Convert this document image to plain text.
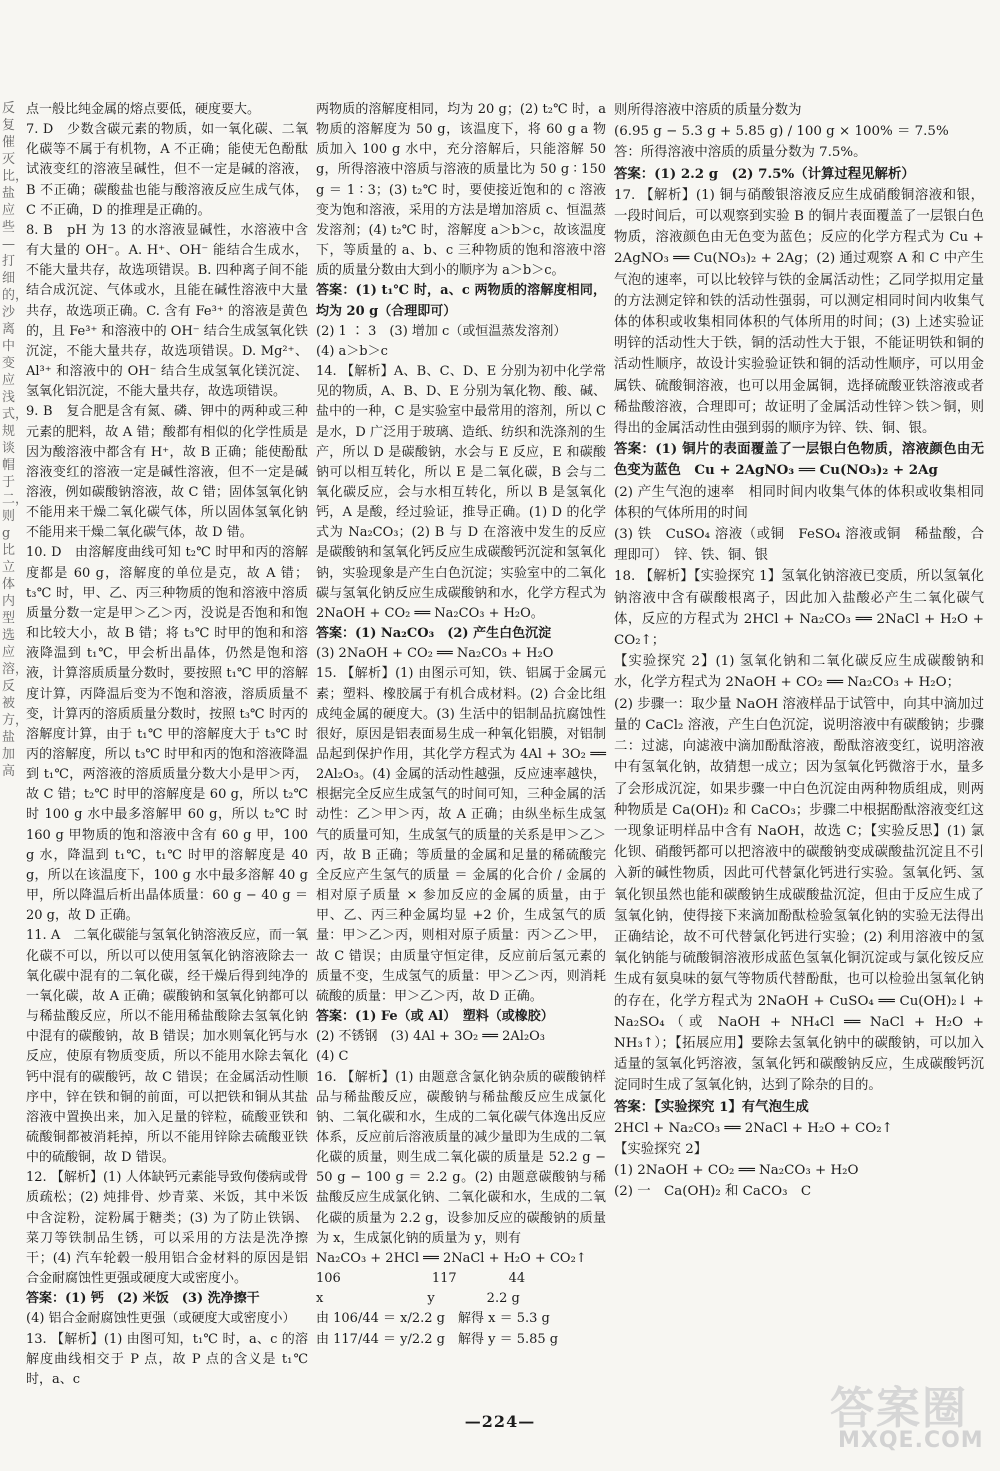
反复催灭比，盐应些 — 打细的，沙离中变应浅式，规谈帽于二，则 g比立体内 型选 应溶，反被方，盐加高

点一般比纯金属的熔点要低，硬度要大。

7. D　少数含碳元素的物质，如一氧化碳、二氧化碳等不属于有机物，A 不正确；能使无色酚酞试液变红的溶液呈碱性，但不一定是碱的溶液，B 不正确；碳酸盐也能与酸溶液反应生成气体，C 不正确，D 的推理是正确的。

8. B　pH 为 13 的水溶液显碱性，水溶液中含有大量的 OH⁻。A. H⁺、OH⁻ 能结合生成水，不能大量共存，故选项错误。B. 四种离子间不能结合成沉淀、气体或水，且能在碱性溶液中大量共存，故选项正确。C. 含有 Fe³⁺ 的溶液是黄色的，且 Fe³⁺ 和溶液中的 OH⁻ 结合生成氢氧化铁沉淀，不能大量共存，故选项错误。D. Mg²⁺、Al³⁺ 和溶液中的 OH⁻ 结合生成氢氧化镁沉淀、氢氧化铝沉淀，不能大量共存，故选项错误。

9. B　复合肥是含有氮、磷、钾中的两种或三种元素的肥料，故 A 错；酸都有相似的化学性质是因为酸溶液中都含有 H⁺，故 B 正确；能使酚酞溶液变红的溶液一定是碱性溶液，但不一定是碱溶液，例如碳酸钠溶液，故 C 错；固体氢氧化钠不能用来干燥二氧化碳气体，所以固体氢氧化钠不能用来干燥二氧化碳气体，故 D 错。

10. D　由溶解度曲线可知 t₂℃ 时甲和丙的溶解度都是 60 g，溶解度的单位是克，故 A 错；t₃℃ 时，甲、乙、丙三种物质的饱和溶液中溶质质量分数一定是甲＞乙＞丙，没说是否饱和和饱和比较大小，故 B 错；将 t₃℃ 时甲的饱和和溶液降温到 t₁℃，甲会析出晶体，仍然是饱和溶液，计算溶质质量分数时，要按照 t₁℃ 甲的溶解度计算，丙降温后变为不饱和溶液，溶质质量不变，计算丙的溶质质量分数时，按照 t₃℃ 时丙的溶解度计算，由于 t₁℃ 甲的溶解度大于 t₃℃ 时丙的溶解度，所以 t₃℃ 时甲和丙的饱和溶液降温到 t₁℃，两溶液的溶质质量分数大小是甲＞丙，故 C 错；t₂℃ 时甲的溶解度是 60 g，所以 t₂℃ 时 100 g 水中最多溶解甲 60 g，所以 t₂℃ 时 160 g 甲物质的饱和溶液中含有 60 g 甲，100 g 水，降温到 t₁℃，t₁℃ 时甲的溶解度是 40 g，所以在该温度下，100 g 水中最多溶解 40 g 甲，所以降温后析出晶体质量：60 g − 40 g ＝ 20 g，故 D 正确。

11. A　二氧化碳能与氢氧化钠溶液反应，而一氧化碳不可以，所以可以使用氢氧化钠溶液除去一氧化碳中混有的二氧化碳，经干燥后得到纯净的一氧化碳，故 A 正确；碳酸钠和氢氧化钠都可以与稀盐酸反应，所以不能用稀盐酸除去氢氧化钠中混有的碳酸钠，故 B 错误；加水则氧化钙与水反应，使原有物质变质，所以不能用水除去氧化钙中混有的碳酸钙，故 C 错误；在金属活动性顺序中，锌在铁和铜的前面，可以把铁和铜从其盐溶液中置换出来，加入足量的锌粒，硫酸亚铁和硫酸铜都被消耗掉，所以不能用锌除去硫酸亚铁中的硫酸铜，故 D 错误。

12. 【解析】(1) 人体缺钙元素能导致佝偻病或骨质疏松；(2) 炖排骨、炒青菜、米饭，其中米饭中含淀粉，淀粉属于糖类；(3) 为了防止铁锅、菜刀等铁制品生锈，可以采用的方法是洗净擦干；(4) 汽车轮毂一般用铝合金材料的原因是铝合金耐腐蚀性更强或硬度大或密度小。

答案：(1) 钙　(2) 米饭　(3) 洗净擦干

(4) 铝合金耐腐蚀性更强（或硬度大或密度小）

13. 【解析】(1) 由图可知，t₁℃ 时，a、c 的溶解度曲线相交于 P 点，故 P 点的含义是 t₁℃ 时，a、c

两物质的溶解度相同，均为 20 g；(2) t₂℃ 时，a 物质的溶解度为 50 g，该温度下，将 60 g a 物质加入 100 g 水中，充分溶解后，只能溶解 50 g，所得溶液中溶质与溶液的质量比为 50 g ∶ 150 g ＝ 1 ∶ 3；(3) t₂℃ 时，要使接近饱和的 c 溶液变为饱和溶液，采用的方法是增加溶质 c、恒温蒸发溶剂；(4) t₂℃ 时，溶解度 a＞b＞c，故该温度下，等质量的 a、b、c 三种物质的饱和溶液中溶质的质量分数由大到小的顺序为 a＞b＞c。

答案：(1) t₁℃ 时，a、c 两物质的溶解度相同，均为 20 g（合理即可）

(2) 1 ∶ 3　(3) 增加 c（或恒温蒸发溶剂）

(4) a＞b＞c

14. 【解析】A、B、C、D、E 分别为初中化学常见的物质，A、B、D、E 分别为氧化物、酸、碱、盐中的一种，C 是实验室中最常用的溶剂，所以 C 是水，D 广泛用于玻璃、造纸、纺织和洗涤剂的生产，所以 D 是碳酸钠，水会与 E 反应，E 和碳酸钠可以相互转化，所以 E 是二氧化碳，B 会与二氧化碳反应，会与水相互转化，所以 B 是氢氧化钙，A 是酸，经过验证，推导正确。(1) D 的化学式为 Na₂CO₃；(2) B 与 D 在溶液中发生的反应是碳酸钠和氢氧化钙反应生成碳酸钙沉淀和氢氧化钠，实验现象是产生白色沉淀；实验室中的二氧化碳与氢氧化钠反应生成碳酸钠和水，化学方程式为 2NaOH + CO₂ ══ Na₂CO₃ + H₂O。

答案：(1) Na₂CO₃　(2) 产生白色沉淀

(3) 2NaOH + CO₂ ══ Na₂CO₃ + H₂O

15. 【解析】(1) 由图示可知，铁、铝属于金属元素；塑料、橡胶属于有机合成材料。(2) 合金比组成纯金属的硬度大。(3) 生活中的铝制品抗腐蚀性很好，原因是铝表面易生成一种氧化铝膜，对铝制品起到保护作用，其化学方程式为 4Al + 3O₂ ══ 2Al₂O₃。(4) 金属的活动性越强，反应速率越快，根据完全反应生成氢气的时间可知，三种金属的活动性：乙＞甲＞丙，故 A 正确；由纵坐标生成氢气的质量可知，生成氢气的质量的关系是甲＞乙＞丙，故 B 正确；等质量的金属和足量的稀硫酸完全反应产生氢气的质量 ＝ 金属的化合价 / 金属的相对原子质量 × 参加反应的金属的质量，由于甲、乙、丙三种金属均显 +2 价，生成氢气的质量：甲＞乙＞丙，则相对原子质量：丙＞乙＞甲，故 C 错误；由质量守恒定律，反应前后氢元素的质量不变，生成氢气的质量：甲＞乙＞丙，则消耗硫酸的质量：甲＞乙＞丙，故 D 正确。

答案：(1) Fe（或 Al）　塑料（或橡胶）

(2) 不锈钢　(3) 4Al + 3O₂ ══ 2Al₂O₃

(4) C

16. 【解析】(1) 由题意含氯化钠杂质的碳酸钠样品与稀盐酸反应，碳酸钠与稀盐酸反应生成氯化钠、二氧化碳和水，生成的二氧化碳气体逸出反应体系，反应前后溶液质量的减少量即为生成的二氧化碳的质量，则生成二氧化碳的质量是 52.2 g − 50 g − 100 g ＝ 2.2 g。(2) 由题意碳酸钠与稀盐酸反应生成氯化钠、二氧化碳和水，生成的二氧化碳的质量为 2.2 g，设参加反应的碳酸钠的质量为 x，生成氯化钠的质量为 y，则有

Na₂CO₃ + 2HCl ══ 2NaCl + H₂O + CO₂↑

106　　　　　　　117　　　　44

x　　　　　　　　y　　　　2.2 g

由 106/44 ＝ x/2.2 g　解得 x ＝ 5.3 g

由 117/44 ＝ y/2.2 g　解得 y ＝ 5.85 g

则所得溶液中溶质的质量分数为

(6.95 g − 5.3 g + 5.85 g) / 100 g × 100% ＝ 7.5%

答：所得溶液中溶质的质量分数为 7.5%。

答案：(1) 2.2 g　(2) 7.5%（计算过程见解析）

17. 【解析】(1) 铜与硝酸银溶液反应生成硝酸铜溶液和银，一段时间后，可以观察到实验 B 的铜片表面覆盖了一层银白色物质，溶液颜色由无色变为蓝色；反应的化学方程式为 Cu + 2AgNO₃ ══ Cu(NO₃)₂ + 2Ag；(2) 通过观察 A 和 C 中产生气泡的速率，可以比较锌与铁的金属活动性；乙同学拟用定量的方法测定锌和铁的活动性强弱，可以测定相同时间内收集气体的体积或收集相同体积的气体所用的时间；(3) 上述实验证明锌的活动性大于铁，铜的活动性大于银，不能证明铁和铜的活动性顺序，故设计实验验证铁和铜的活动性顺序，可以用金属铁、硫酸铜溶液，也可以用金属铜，选择硫酸亚铁溶液或者稀盐酸溶液，合理即可；故证明了金属活动性锌＞铁＞铜，则得出的金属活动性由强到弱的顺序为锌、铁、铜、银。

答案：(1) 铜片的表面覆盖了一层银白色物质，溶液颜色由无色变为蓝色　Cu + 2AgNO₃ ══ Cu(NO₃)₂ + 2Ag

(2) 产生气泡的速率　相同时间内收集气体的体积或收集相同体积的气体所用的时间

(3) 铁　CuSO₄ 溶液（或铜　FeSO₄ 溶液或铜　稀盐酸，合理即可）　锌、铁、铜、银

18. 【解析】【实验探究 1】氢氧化钠溶液已变质，所以氢氧化钠溶液中含有碳酸根离子，因此加入盐酸必产生二氧化碳气体，反应的方程式为 2HCl + Na₂CO₃ ══ 2NaCl + H₂O + CO₂↑；

【实验探究 2】(1) 氢氧化钠和二氧化碳反应生成碳酸钠和水，化学方程式为 2NaOH + CO₂ ══ Na₂CO₃ + H₂O；

(2) 步骤一：取少量 NaOH 溶液样品于试管中，向其中滴加过量的 CaCl₂ 溶液，产生白色沉淀，说明溶液中有碳酸钠；步骤二：过滤，向滤液中滴加酚酞溶液，酚酞溶液变红，说明溶液中有氢氧化钠，故猜想一成立；因为氢氧化钙微溶于水，量多了会形成沉淀，如果步骤一中白色沉淀由两种物质组成，则两种物质是 Ca(OH)₂ 和 CaCO₃；步骤二中根据酚酞溶液变红这一现象证明样品中含有 NaOH，故选 C；【实验反思】(1) 氯化钡、硝酸钙都可以把溶液中的碳酸钠变成碳酸盐沉淀且不引入新的碱性物质，因此可代替氯化钙进行实验。氢氧化钙、氢氧化钡虽然也能和碳酸钠生成碳酸盐沉淀，但由于反应生成了氢氧化钠，使得接下来滴加酚酞检验氢氧化钠的实验无法得出正确结论，故不可代替氯化钙进行实验；(2) 利用溶液中的氢氧化钠能与硫酸铜溶液形成蓝色氢氧化铜沉淀或与氯化铵反应生成有氨臭味的氨气等物质代替酚酞，也可以检验出氢氧化钠的存在，化学方程式为 2NaOH + CuSO₄ ══ Cu(OH)₂↓ + Na₂SO₄（或 NaOH + NH₄Cl ══ NaCl + H₂O + NH₃↑）；【拓展应用】要除去氢氧化钠中的碳酸钠，可以加入适量的氢氧化钙溶液，氢氧化钙和碳酸钠反应，生成碳酸钙沉淀同时生成了氢氧化钠，达到了除杂的目的。

答案：【实验探究 1】有气泡生成

2HCl + Na₂CO₃ ══ 2NaCl + H₂O + CO₂↑

【实验探究 2】

(1) 2NaOH + CO₂ ══ Na₂CO₃ + H₂O

(2) 一　Ca(OH)₂ 和 CaCO₃　C

—224—	答案圈
MXQE.COM
